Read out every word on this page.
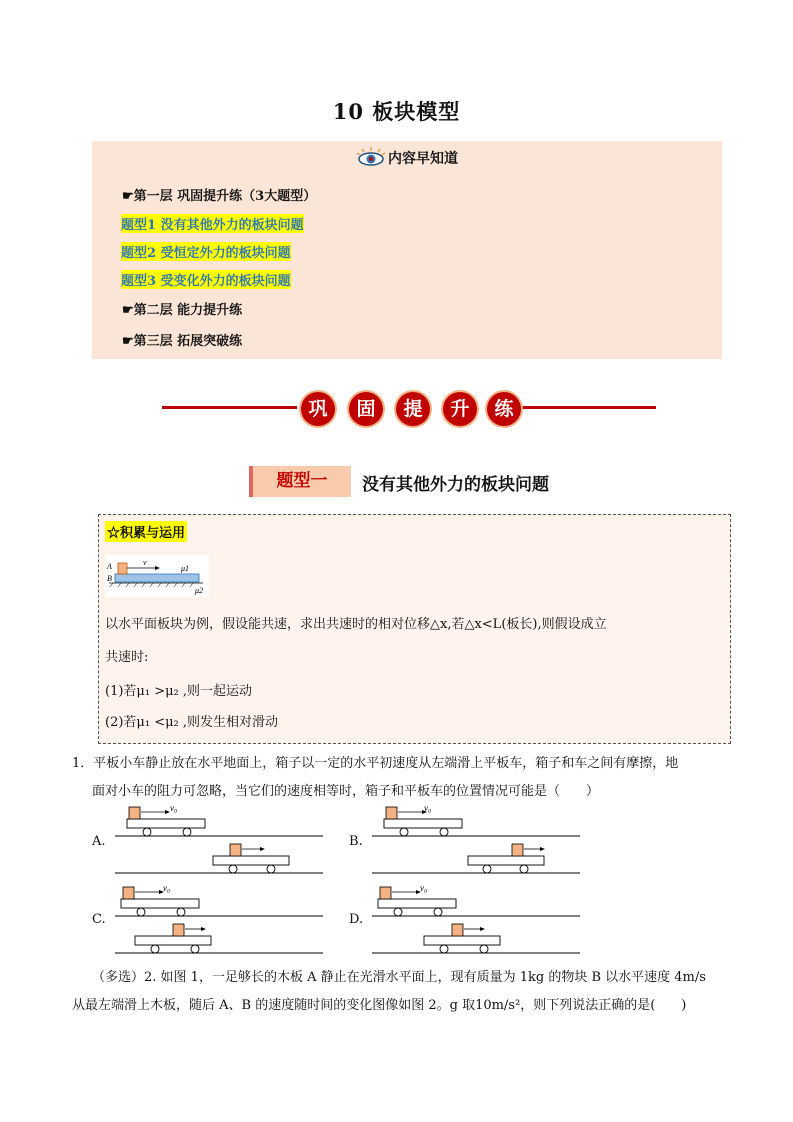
10 板块模型
内容早知道
☛第一层 巩固提升练（3大题型）
题型1 没有其他外力的板块问题
题型2 受恒定外力的板块问题
题型3 受变化外力的板块问题
☛第二层 能力提升练
☛第三层 拓展突破练
巩	固	提	升	练
题型一	没有其他外力的板块问题
☆积累与运用
A
B
v
μ1
μ2
以水平面板块为例，假设能共速，求出共速时的相对位移△x,若△x<L(板长),则假设成立
共速时:
(1)若μ₁ >μ₂ ,则一起运动
(2)若μ₁ <μ₂ ,则发生相对滑动
1．平板小车静止放在水平地面上，箱子以一定的水平初速度从左端滑上平板车，箱子和车之间有摩擦，地
面对小车的阻力可忽略，当它们的速度相等时，箱子和平板车的位置情况可能是（　　）
A.	B.
C.	D.
v₀	v₀
v₀	v₀
（多选）2. 如图 1，一足够长的木板 A 静止在光滑水平面上，现有质量为 1kg 的物块 B 以水平速度 4m/s
从最左端滑上木板，随后 A、B 的速度随时间的变化图像如图 2。g 取10m/s²，则下列说法正确的是(　　)
